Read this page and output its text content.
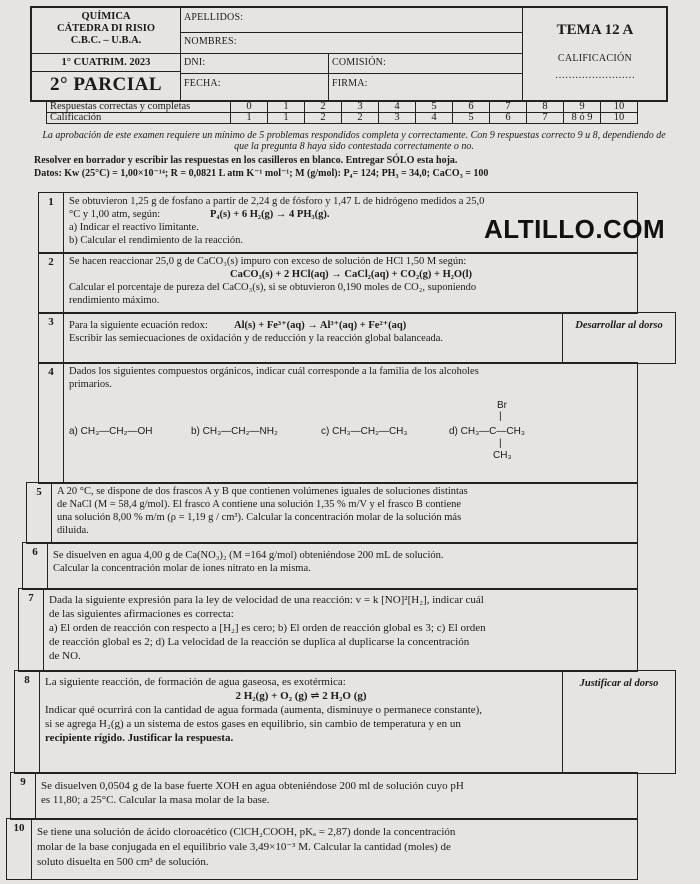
QUÍMICA
CÁTEDRA DI RISIO
C.B.C. – U.B.A.
1° CUATRIM. 2023
2° PARCIAL
APELLIDOS:
NOMBRES:
DNI:	COMISIÓN:
FECHA:	FIRMA:
TEMA 12 A
CALIFICACIÓN
……………………
Respuestas correctas y completas	0	1	2	3	4	5	6	7	8	9	10
Calificación	1	1	2	2	3	4	5	6	7	8 ó 9	10
La aprobación de este examen requiere un mínimo de 5 problemas respondidos completa y correctamente. Con 9 respuestas correcto 9 u 8, dependiendo de que la pregunta 8 haya sido contestada correctamente o no.
Resolver en borrador y escribir las respuestas en los casilleros en blanco. Entregar SÓLO esta hoja.
Datos: Kw (25°C) = 1,00×10⁻¹⁴; R = 0,0821 L atm K⁻¹ mol⁻¹; M (g/mol): P₄= 124; PH₃ = 34,0; CaCO₃ = 100
1	Se obtuvieron 1,25 g de fosfano a partir de 2,24 g de fósforo y 1,47 L de hidrógeno medidos a 25,0
°C y 1,00 atm, según:	P₄(s) + 6 H₂(g) → 4 PH₃(g).
a) Indicar el reactivo limitante.
b) Calcular el rendimiento de la reacción.	ALTILLO.COM
2	Se hacen reaccionar 25,0 g de CaCO₃(s) impuro con exceso de solución de HCl 1,50 M según:
CaCO₃(s) + 2 HCl(aq) → CaCl₂(aq) + CO₂(g) + H₂O(l)
Calcular el porcentaje de pureza del CaCO₃(s), si se obtuvieron 0,190 moles de CO₂, suponiendo
rendimiento máximo.
3	Para la siguiente ecuación redox:	Al(s) + Fe³⁺(aq) → Al³⁺(aq) + Fe²⁺(aq)
Escribir las semiecuaciones de oxidación y de reducción y la reacción global balanceada.
Desarrollar al dorso
4	Dados los siguientes compuestos orgánicos, indicar cuál corresponde a la familia de los alcoholes
primarios.
a) CH₃—CH₂—OH	b) CH₃—CH₂—NH₂	c) CH₃—CH₂—CH₃	d) CH₃—C—CH₃
Br
|
|
CH₃
5	A 20 °C, se dispone de dos frascos A y B que contienen volúmenes iguales de soluciones distintas
de NaCl (M = 58,4 g/mol). El frasco A contiene una solución 1,35 % m/V y el frasco B contiene
una solución 8,00 % m/m (ρ = 1,19 g / cm³). Calcular la concentración molar de la solución más
diluida.
6	Se disuelven en agua 4,00 g de Ca(NO₃)₂ (M =164 g/mol) obteniéndose 200 mL de solución.
Calcular la concentración molar de iones nitrato en la misma.
7	Dada la siguiente expresión para la ley de velocidad de una reacción: v = k [NO]²[H₂], indicar cuál
de las siguientes afirmaciones es correcta:
a) El orden de reacción con respecto a [H₂] es cero; b) El orden de reacción global es 3; c) El orden
de reacción global es 2; d) La velocidad de la reacción se duplica al duplicarse la concentración
de NO.
8	La siguiente reacción, de formación de agua gaseosa, es exotérmica:
2 H₂(g) + O₂ (g) ⇌ 2 H₂O (g)
Indicar qué ocurrirá con la cantidad de agua formada (aumenta, disminuye o permanece constante),
si se agrega H₂(g) a un sistema de estos gases en equilibrio, sin cambio de temperatura y en un
recipiente rígido. Justificar la respuesta.
Justificar al dorso
9	Se disuelven 0,0504 g de la base fuerte XOH en agua obteniéndose 200 ml de solución cuyo pH
es 11,80; a 25°C. Calcular la masa molar de la base.
10	Se tiene una solución de ácido cloroacético (ClCH₂COOH, pKₐ = 2,87) donde la concentración
molar de la base conjugada en el equilibrio vale 3,49×10⁻³ M. Calcular la cantidad (moles) de
soluto disuelta en 500 cm³ de solución.
